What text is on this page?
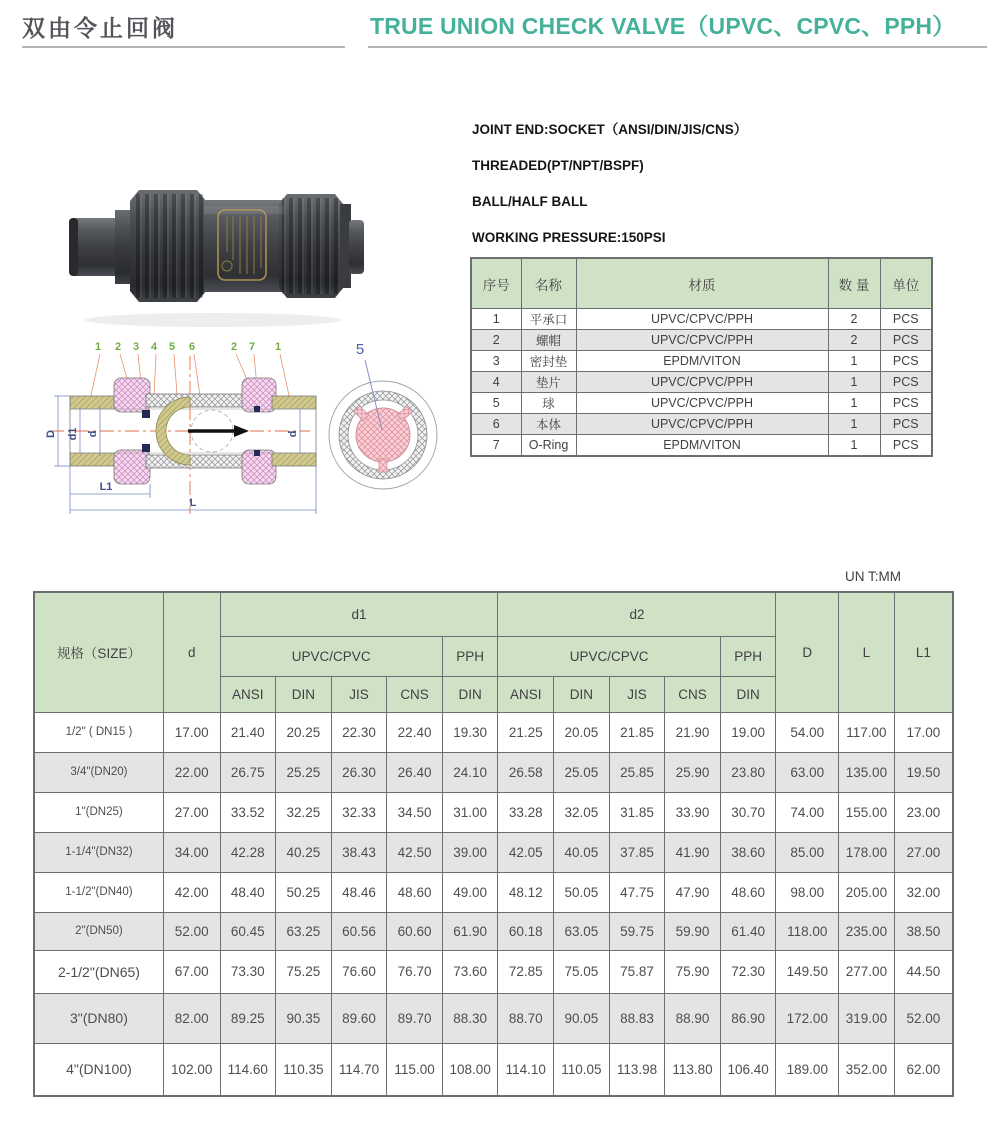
双由令止回阀	TRUE UNION CHECK VALVE（UPVC、CPVC、PPH）
JOINT END:SOCKET（ANSI/DIN/JIS/CNS）
THREADED(PT/NPT/BSPF)
BALL/HALF BALL
WORKING PRESSURE:150PSI
序号	名称	材质	数 量	单位
1	平承口	UPVC/CPVC/PPH	2	PCS
2	螺帽	UPVC/CPVC/PPH	2	PCS
3	密封垫	EPDM/VITON	1	PCS
4	垫片	UPVC/CPVC/PPH	1	PCS
5	球	UPVC/CPVC/PPH	1	PCS
6	本体	UPVC/CPVC/PPH	1	PCS
7	O-Ring	EPDM/VITON	1	PCS
1 2 3 4 5 6	2 7 1
D d1 d	d
L1
L
5
UN T:MM
规格（SIZE）	d	d1					d2					D	L	L1
		UPVC/CPVC				PPH	UPVC/CPVC				PPH			
		ANSI	DIN	JIS	CNS	DIN	ANSI	DIN	JIS	CNS	DIN			
1/2" ( DN15 )	17.00	21.40	20.25	22.30	22.40	19.30	21.25	20.05	21.85	21.90	19.00	54.00	117.00	17.00
3/4"(DN20)	22.00	26.75	25.25	26.30	26.40	24.10	26.58	25.05	25.85	25.90	23.80	63.00	135.00	19.50
1"(DN25)	27.00	33.52	32.25	32.33	34.50	31.00	33.28	32.05	31.85	33.90	30.70	74.00	155.00	23.00
1-1/4"(DN32)	34.00	42.28	40.25	38.43	42.50	39.00	42.05	40.05	37.85	41.90	38.60	85.00	178.00	27.00
1-1/2"(DN40)	42.00	48.40	50.25	48.46	48.60	49.00	48.12	50.05	47.75	47.90	48.60	98.00	205.00	32.00
2"(DN50)	52.00	60.45	63.25	60.56	60.60	61.90	60.18	63.05	59.75	59.90	61.40	118.00	235.00	38.50
2-1/2"(DN65)	67.00	73.30	75.25	76.60	76.70	73.60	72.85	75.05	75.87	75.90	72.30	149.50	277.00	44.50
3"(DN80)	82.00	89.25	90.35	89.60	89.70	88.30	88.70	90.05	88.83	88.90	86.90	172.00	319.00	52.00
4"(DN100)	102.00	114.60	110.35	114.70	115.00	108.00	114.10	110.05	113.98	113.80	106.40	189.00	352.00	62.00
